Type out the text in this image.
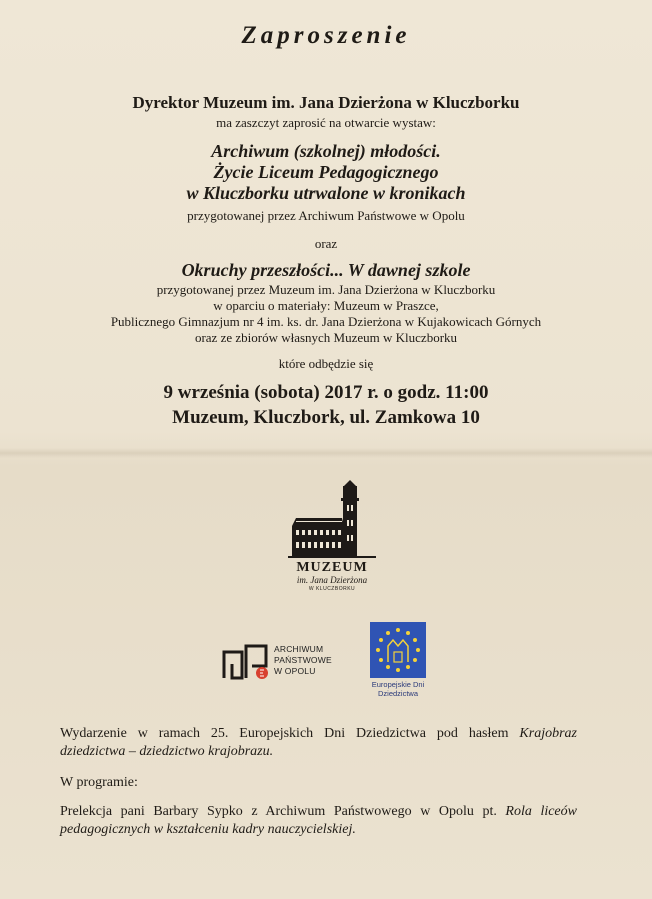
Zaproszenie
Dyrektor Muzeum im. Jana Dzierżona w Kluczborku
ma zaszczyt zaprosić na otwarcie wystaw:
Archiwum (szkolnej) młodości.
Życie Liceum Pedagogicznego
w Kluczborku utrwalone w kronikach
przygotowanej przez Archiwum Państwowe w Opolu
oraz
Okruchy przeszłości... W dawnej szkole
przygotowanej przez Muzeum im. Jana Dzierżona w Kluczborku
w oparciu o materiały: Muzeum w Praszce,
Publicznego Gimnazjum nr 4 im. ks. dr. Jana Dzierżona w Kujakowicach Górnych
oraz ze zbiorów własnych Muzeum w Kluczborku
które odbędzie się
9 września (sobota) 2017 r. o godz. 11:00
Muzeum, Kluczbork, ul. Zamkowa 10
MUZEUM
im. Jana Dzierżona
W KLUCZBORKU
ARCHIWUM
PAŃSTWOWE
W OPOLU
Europejskie Dni
Dziedzictwa
Wydarzenie w ramach 25. Europejskich Dni Dziedzictwa pod hasłem Krajobraz dziedzictwa – dziedzictwo krajobrazu.
W programie:
Prelekcja pani Barbary Sypko z Archiwum Państwowego w Opolu pt. Rola liceów pedagogicznych w kształceniu kadry nauczycielskiej.
